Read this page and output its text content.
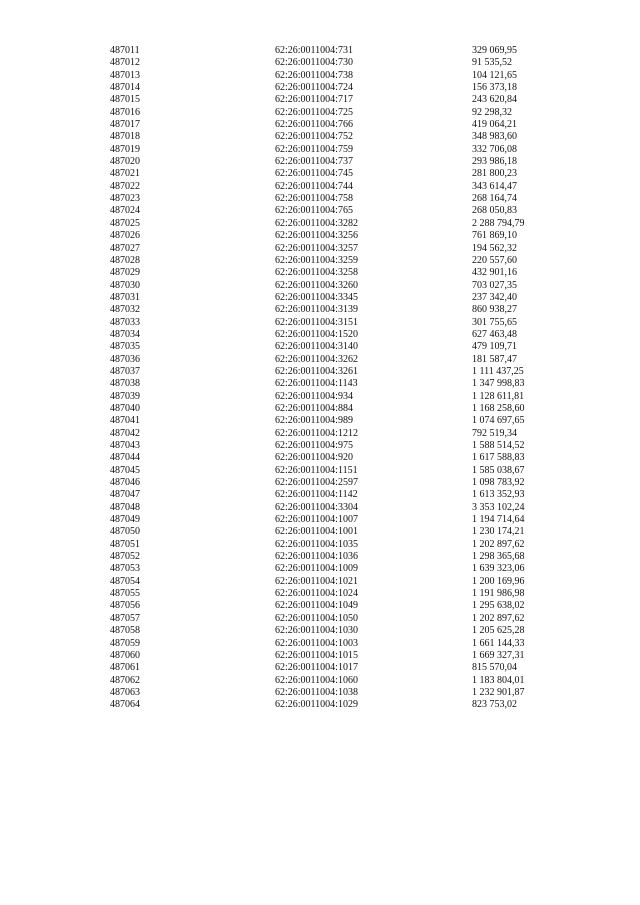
487011	62:26:0011004:731	329 069,95
487012	62:26:0011004:730	91 535,52
487013	62:26:0011004:738	104 121,65
487014	62:26:0011004:724	156 373,18
487015	62:26:0011004:717	243 620,84
487016	62:26:0011004:725	92 298,32
487017	62:26:0011004:766	419 064,21
487018	62:26:0011004:752	348 983,60
487019	62:26:0011004:759	332 706,08
487020	62:26:0011004:737	293 986,18
487021	62:26:0011004:745	281 800,23
487022	62:26:0011004:744	343 614,47
487023	62:26:0011004:758	268 164,74
487024	62:26:0011004:765	268 050,83
487025	62:26:0011004:3282	2 288 794,79
487026	62:26:0011004:3256	761 869,10
487027	62:26:0011004:3257	194 562,32
487028	62:26:0011004:3259	220 557,60
487029	62:26:0011004:3258	432 901,16
487030	62:26:0011004:3260	703 027,35
487031	62:26:0011004:3345	237 342,40
487032	62:26:0011004:3139	860 938,27
487033	62:26:0011004:3151	301 755,65
487034	62:26:0011004:1520	627 463,48
487035	62:26:0011004:3140	479 109,71
487036	62:26:0011004:3262	181 587,47
487037	62:26:0011004:3261	1 111 437,25
487038	62:26:0011004:1143	1 347 998,83
487039	62:26:0011004:934	1 128 611,81
487040	62:26:0011004:884	1 168 258,60
487041	62:26:0011004:989	1 074 697,65
487042	62:26:0011004:1212	792 519,34
487043	62:26:0011004:975	1 588 514,52
487044	62:26:0011004:920	1 617 588,83
487045	62:26:0011004:1151	1 585 038,67
487046	62:26:0011004:2597	1 098 783,92
487047	62:26:0011004:1142	1 613 352,93
487048	62:26:0011004:3304	3 353 102,24
487049	62:26:0011004:1007	1 194 714,64
487050	62:26:0011004:1001	1 230 174,21
487051	62:26:0011004:1035	1 202 897,62
487052	62:26:0011004:1036	1 298 365,68
487053	62:26:0011004:1009	1 639 323,06
487054	62:26:0011004:1021	1 200 169,96
487055	62:26:0011004:1024	1 191 986,98
487056	62:26:0011004:1049	1 295 638,02
487057	62:26:0011004:1050	1 202 897,62
487058	62:26:0011004:1030	1 205 625,28
487059	62:26:0011004:1003	1 661 144,33
487060	62:26:0011004:1015	1 669 327,31
487061	62:26:0011004:1017	815 570,04
487062	62:26:0011004:1060	1 183 804,01
487063	62:26:0011004:1038	1 232 901,87
487064	62:26:0011004:1029	823 753,02
